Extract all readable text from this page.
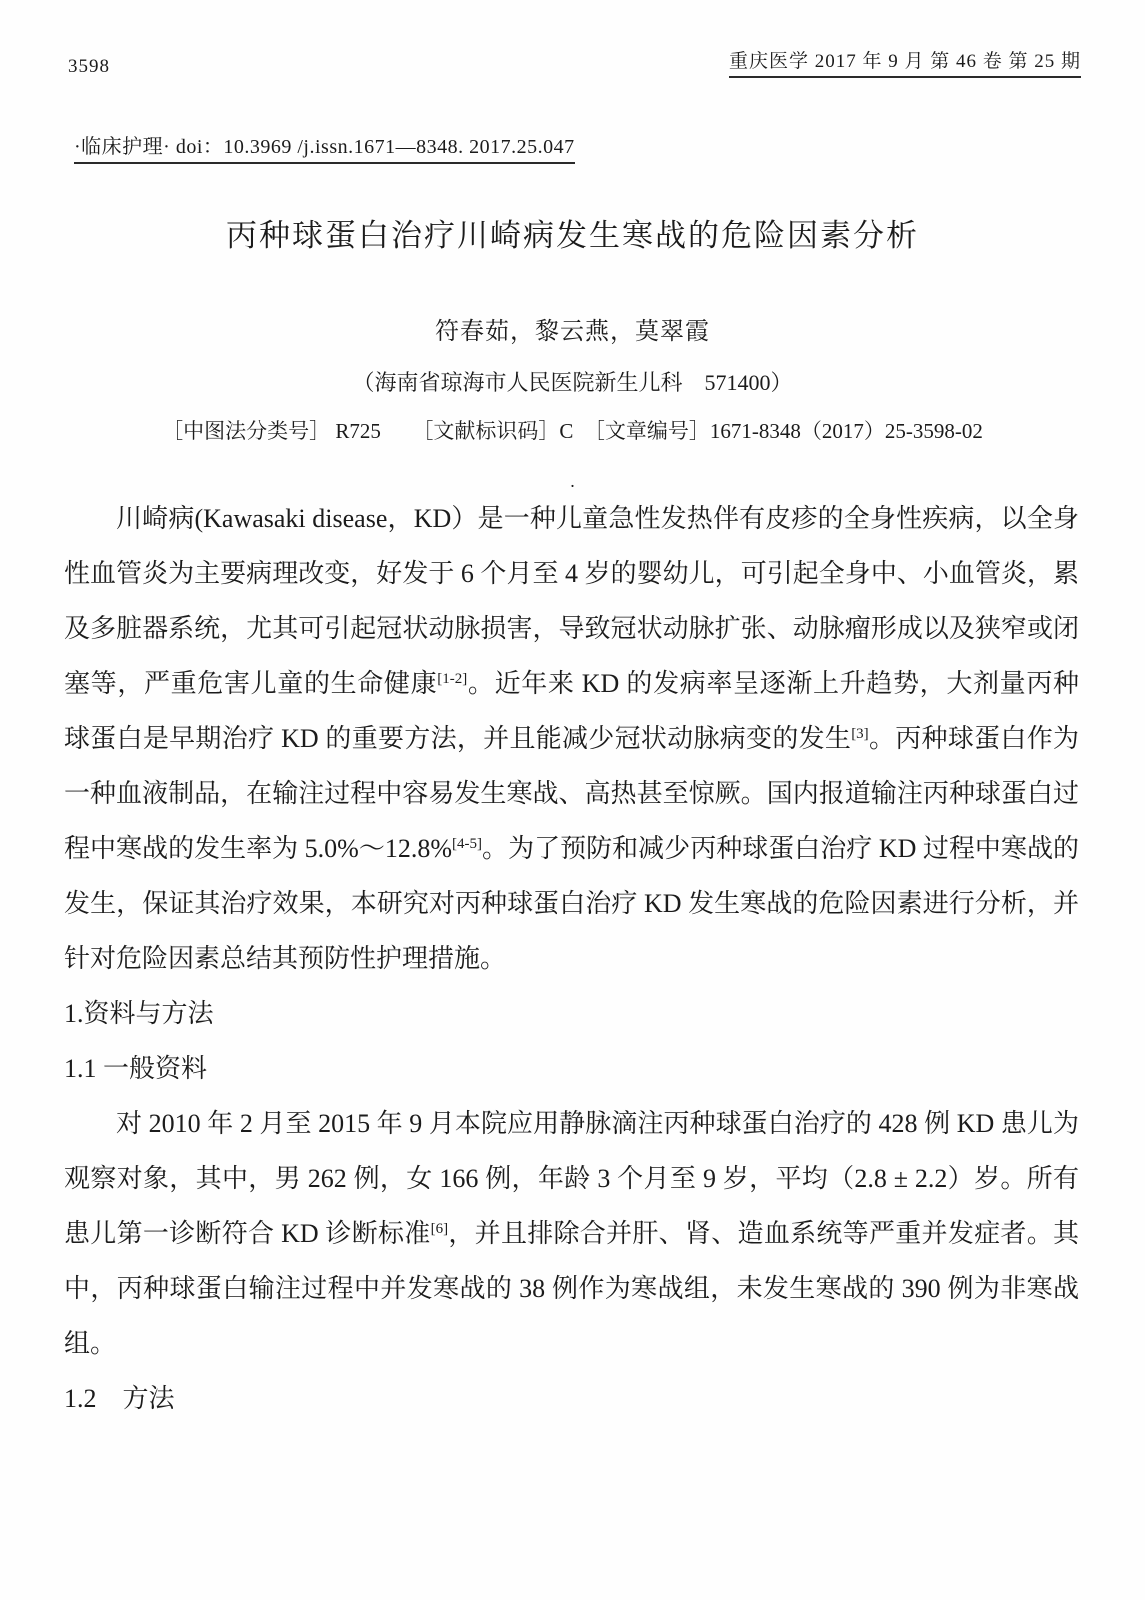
3598	重庆医学 2017 年 9 月 第 46 卷 第 25 期
·临床护理· doi：10.3969 /j.issn.1671—8348. 2017.25.047
丙种球蛋白治疗川崎病发生寒战的危险因素分析
符春茹，黎云燕，莫翠霞
（海南省琼海市人民医院新生儿科　571400）
［中图法分类号］ R725　　［文献标识码］C　［文章编号］1671-8348（2017）25-3598-02
.

川崎病(Kawasaki disease，KD）是一种儿童急性发热伴有皮疹的全身性疾病，以全身性血管炎为主要病理改变，好发于 6 个月至 4 岁的婴幼儿，可引起全身中、小血管炎，累及多脏器系统，尤其可引起冠状动脉损害，导致冠状动脉扩张、动脉瘤形成以及狭窄或闭塞等，严重危害儿童的生命健康[1-2]。近年来 KD 的发病率呈逐渐上升趋势，大剂量丙种球蛋白是早期治疗 KD 的重要方法，并且能减少冠状动脉病变的发生[3]。丙种球蛋白作为一种血液制品，在输注过程中容易发生寒战、高热甚至惊厥。国内报道输注丙种球蛋白过程中寒战的发生率为 5.0%～12.8%[4-5]。为了预防和减少丙种球蛋白治疗 KD 过程中寒战的发生，保证其治疗效果，本研究对丙种球蛋白治疗 KD 发生寒战的危险因素进行分析，并针对危险因素总结其预防性护理措施。

1.资料与方法
1.1 一般资料

对 2010 年 2 月至 2015 年 9 月本院应用静脉滴注丙种球蛋白治疗的 428 例 KD 患儿为观察对象，其中，男 262 例，女 166 例，年龄 3 个月至 9 岁，平均（2.8 ± 2.2）岁。所有患儿第一诊断符合 KD 诊断标准[6]，并且排除合并肝、肾、造血系统等严重并发症者。其中，丙种球蛋白输注过程中并发寒战的 38 例作为寒战组，未发生寒战的 390 例为非寒战组。

1.2　方法
